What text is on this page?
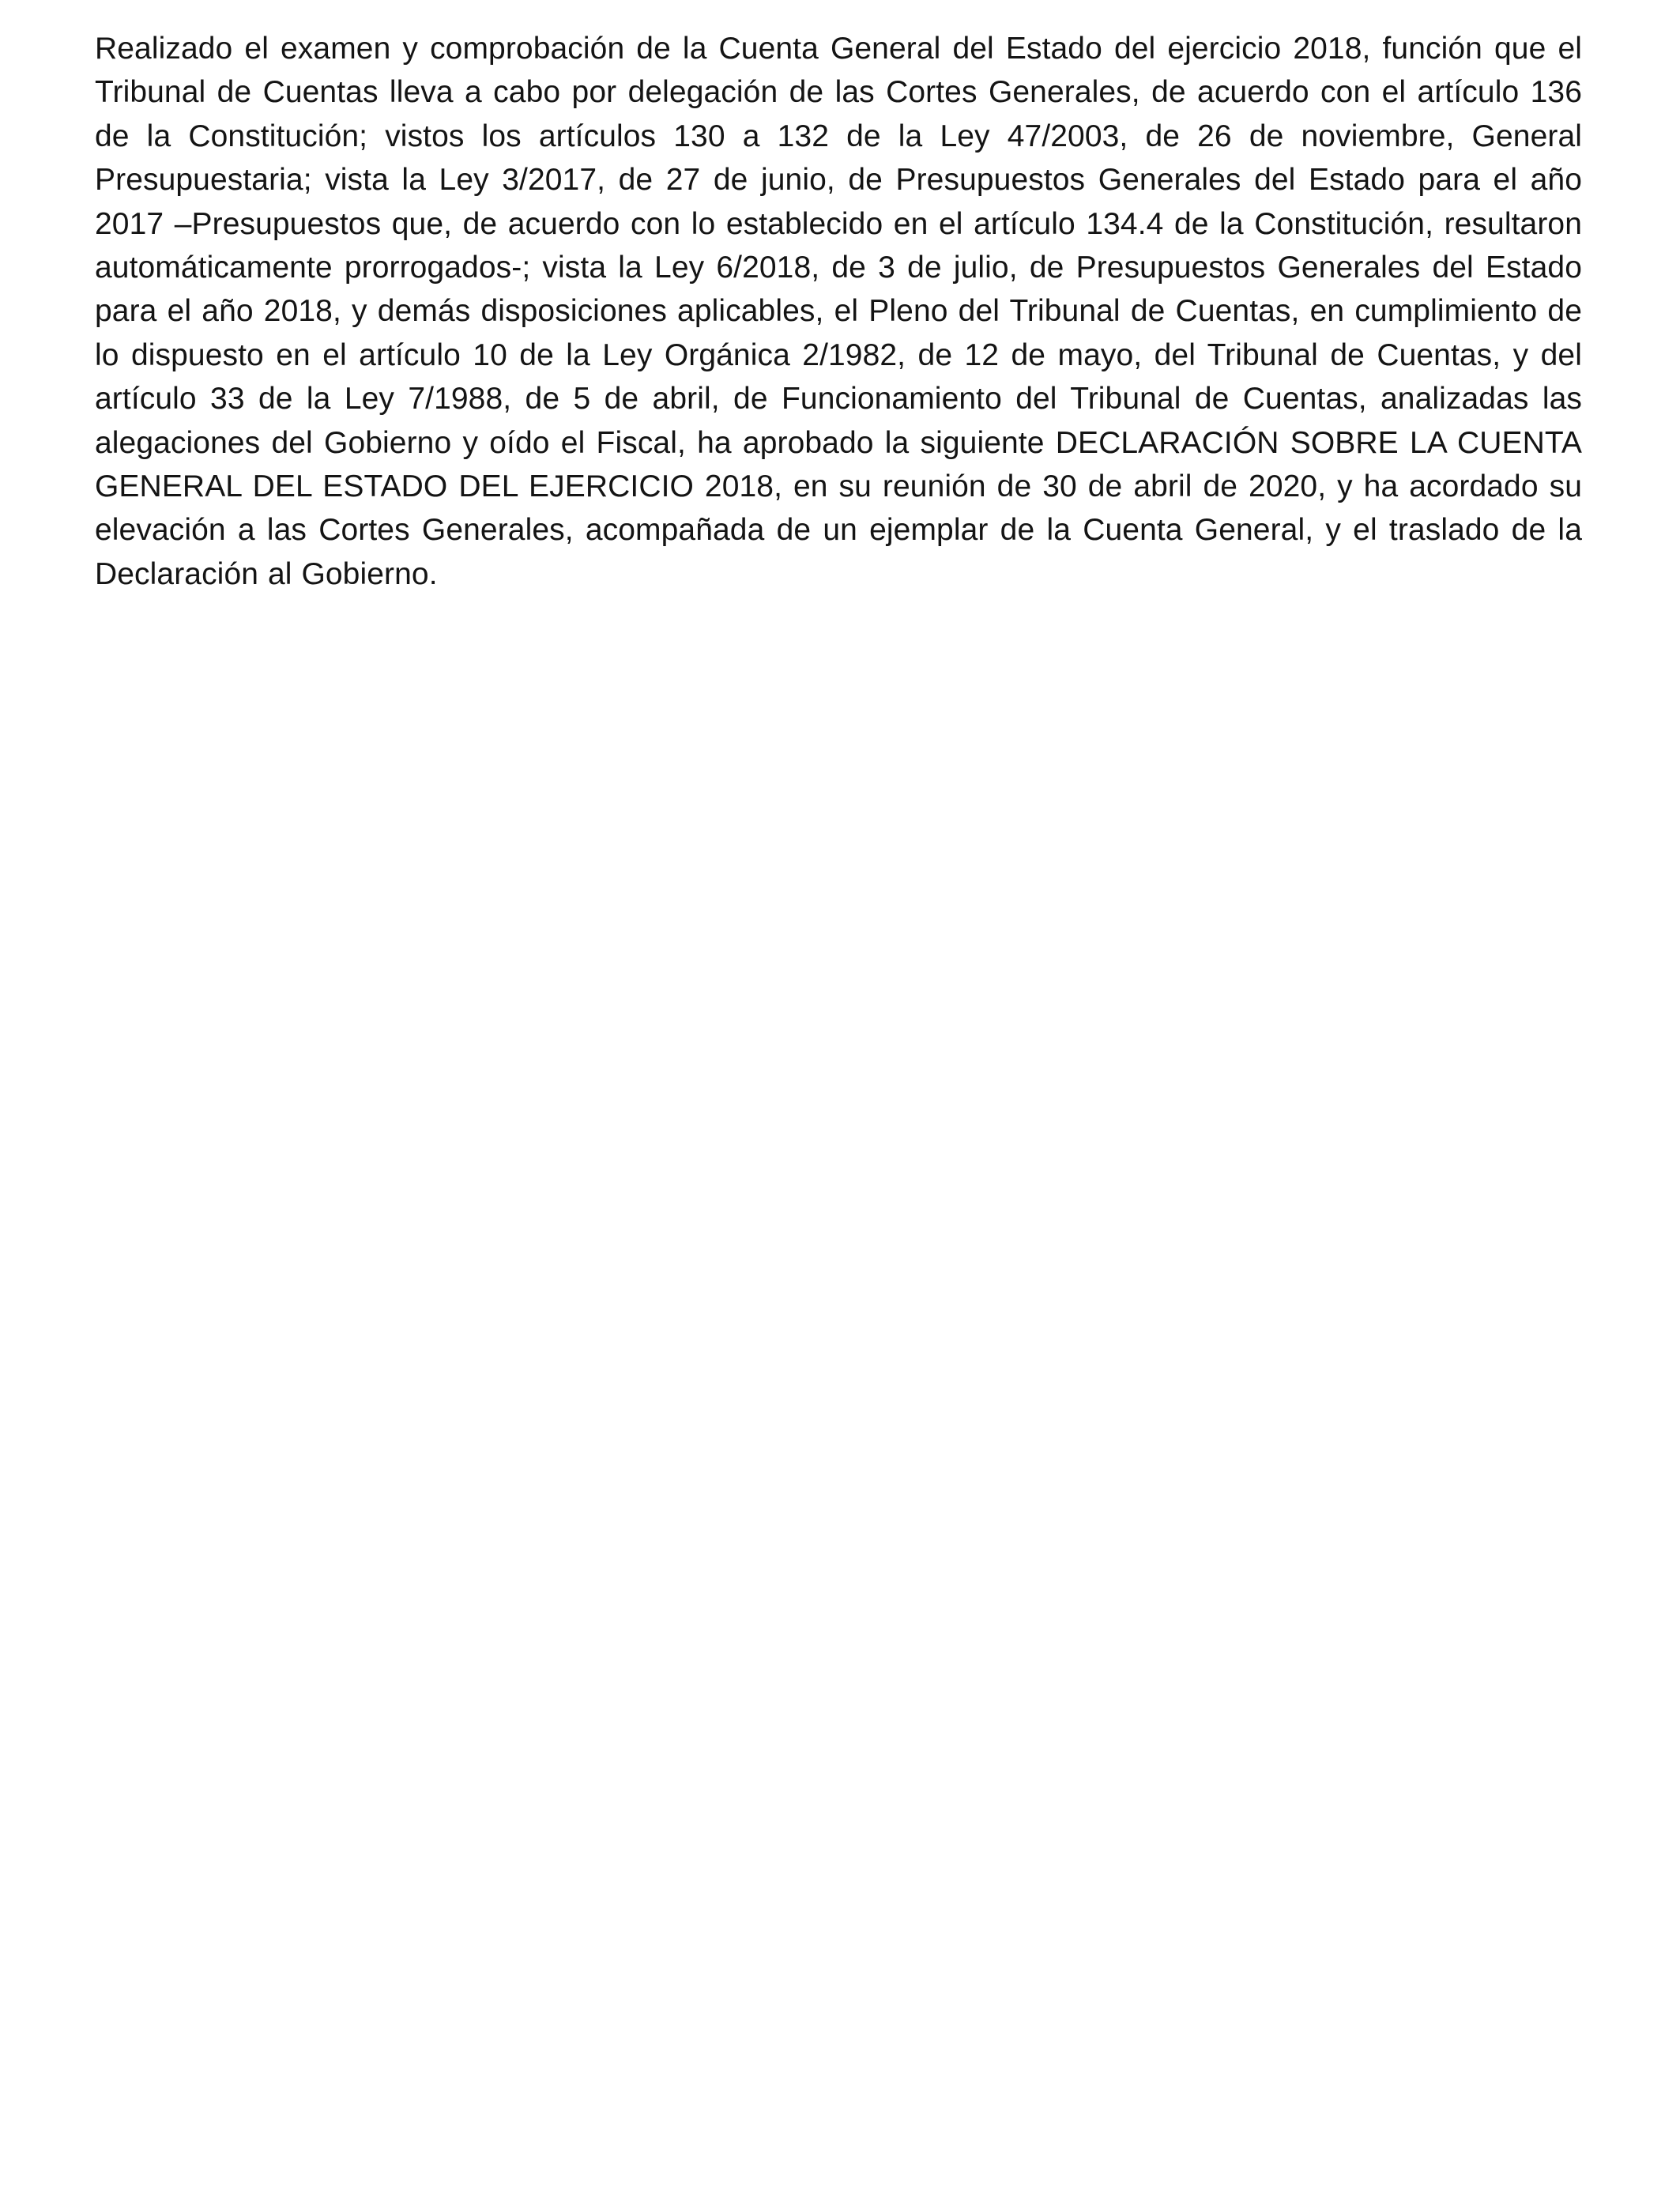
Realizado el examen y comprobación de la Cuenta General del Estado del ejercicio 2018, función que el Tribunal de Cuentas lleva a cabo por delegación de las Cortes Generales, de acuerdo con el artículo 136 de la Constitución; vistos los artículos 130 a 132 de la Ley 47/2003, de 26 de noviembre, General Presupuestaria; vista la Ley 3/2017, de 27 de junio, de Presupuestos Generales del Estado para el año 2017 –Presupuestos que, de acuerdo con lo establecido en el artículo 134.4 de la Constitución, resultaron automáticamente prorrogados-; vista la Ley 6/2018, de 3 de julio, de Presupuestos Generales del Estado para el año 2018, y demás disposiciones aplicables, el Pleno del Tribunal de Cuentas, en cumplimiento de lo dispuesto en el artículo 10 de la Ley Orgánica 2/1982, de 12 de mayo, del Tribunal de Cuentas, y del artículo 33 de la Ley 7/1988, de 5 de abril, de Funcionamiento del Tribunal de Cuentas, analizadas las alegaciones del Gobierno y oído el Fiscal, ha aprobado la siguiente DECLARACIÓN SOBRE LA CUENTA GENERAL DEL ESTADO DEL EJERCICIO 2018, en su reunión de 30 de abril de 2020, y ha acordado su elevación a las Cortes Generales, acompañada de un ejemplar de la Cuenta General, y el traslado de la Declaración al Gobierno.
